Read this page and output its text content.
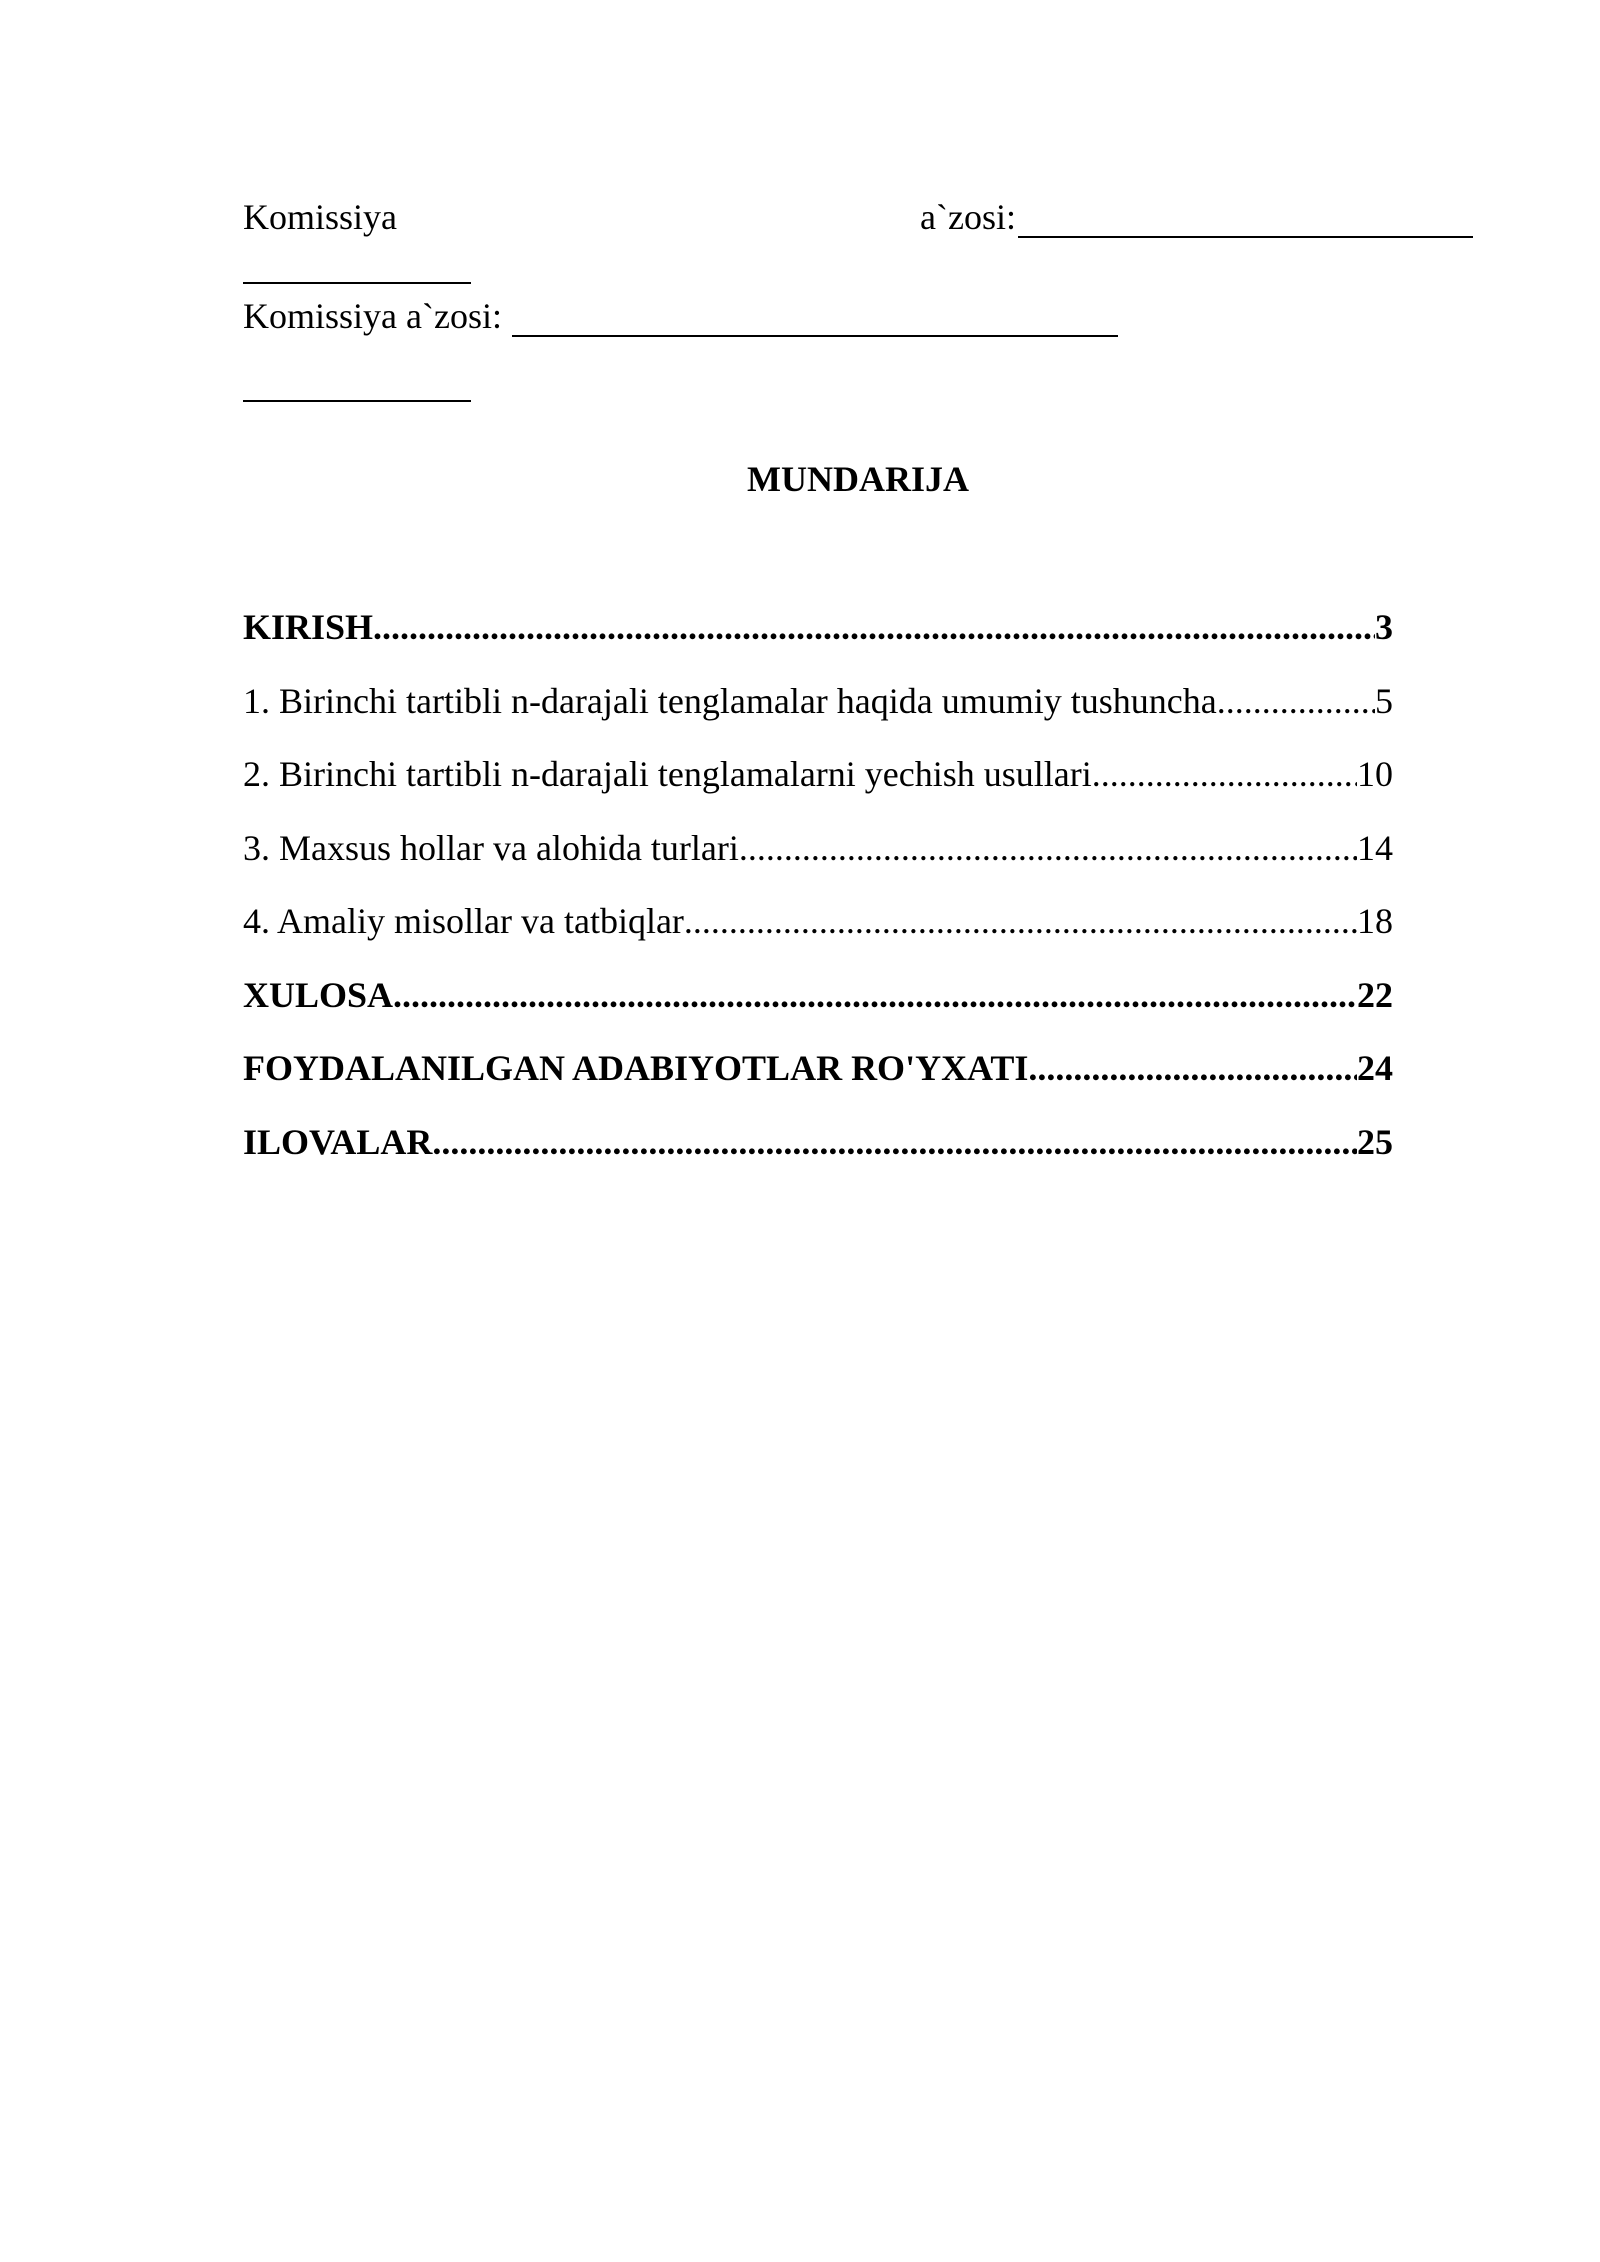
Komissiya	a`zosi:
Komissiya a`zosi:
MUNDARIJA
KIRISH .....	3
1. Birinchi tartibli n-darajali tenglamalar haqida umumiy tushuncha .....	5
2. Birinchi tartibli n-darajali tenglamalarni yechish usullari .....	10
3. Maxsus hollar va alohida turlari .....	14
4. Amaliy misollar va tatbiqlar .....	18
XULOSA .....	22
FOYDALANILGAN ADABIYOTLAR RO'YXATI .....	24
ILOVALAR .....	25
